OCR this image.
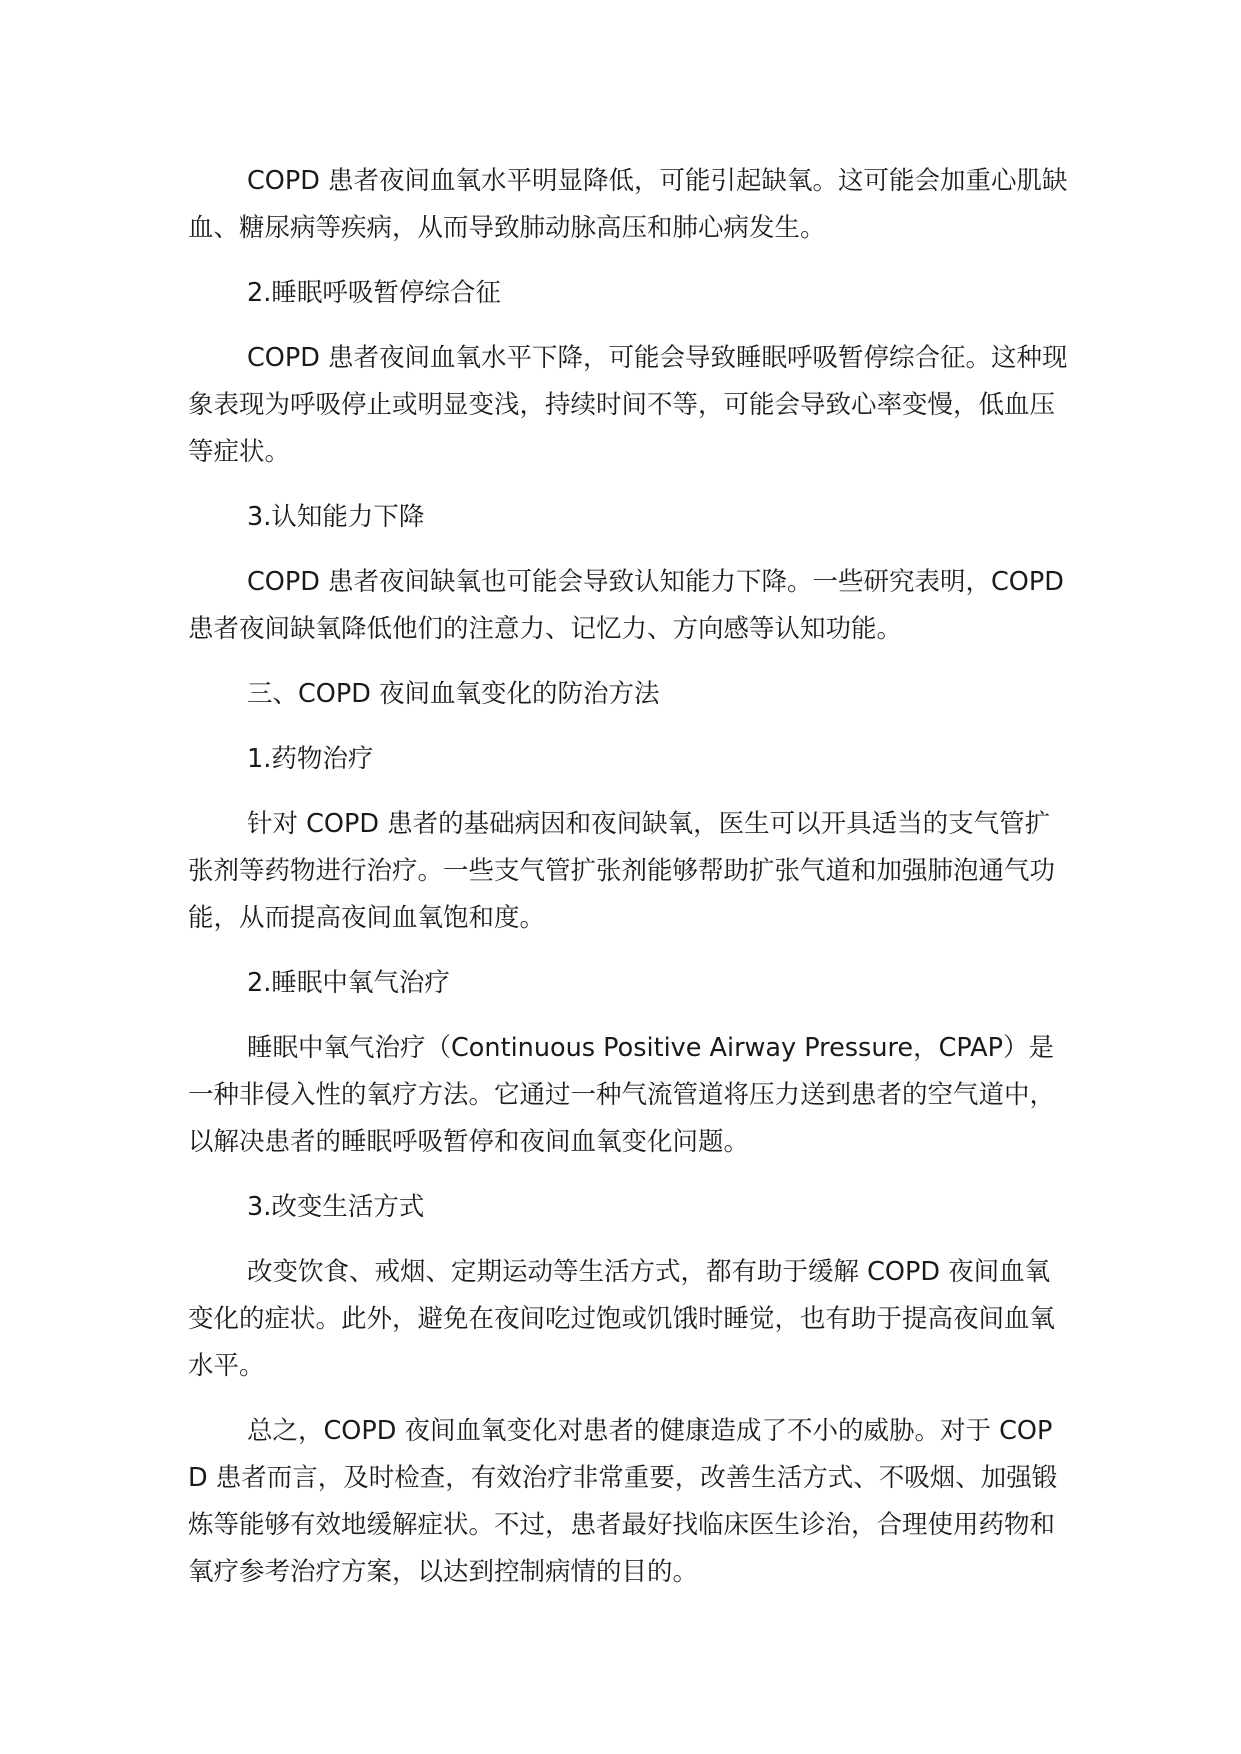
COPD 患者夜间血氧水平明显降低，可能引起缺氧。这可能会加重心肌缺血、糖尿病等疾病，从而导致肺动脉高压和肺心病发生。

2.睡眠呼吸暂停综合征

COPD 患者夜间血氧水平下降，可能会导致睡眠呼吸暂停综合征。这种现象表现为呼吸停止或明显变浅，持续时间不等，可能会导致心率变慢，低血压等症状。

3.认知能力下降

COPD 患者夜间缺氧也可能会导致认知能力下降。一些研究表明，COPD 患者夜间缺氧降低他们的注意力、记忆力、方向感等认知功能。

三、COPD 夜间血氧变化的防治方法

1.药物治疗

针对 COPD 患者的基础病因和夜间缺氧，医生可以开具适当的支气管扩张剂等药物进行治疗。一些支气管扩张剂能够帮助扩张气道和加强肺泡通气功能，从而提高夜间血氧饱和度。

2.睡眠中氧气治疗

睡眠中氧气治疗（Continuous Positive Airway Pressure，CPAP）是一种非侵入性的氧疗方法。它通过一种气流管道将压力送到患者的空气道中，以解决患者的睡眠呼吸暂停和夜间血氧变化问题。

3.改变生活方式

改变饮食、戒烟、定期运动等生活方式，都有助于缓解 COPD 夜间血氧变化的症状。此外，避免在夜间吃过饱或饥饿时睡觉，也有助于提高夜间血氧水平。

总之，COPD 夜间血氧变化对患者的健康造成了不小的威胁。对于 COPD 患者而言，及时检查，有效治疗非常重要，改善生活方式、不吸烟、加强锻炼等能够有效地缓解症状。不过，患者最好找临床医生诊治，合理使用药物和氧疗参考治疗方案，以达到控制病情的目的。
